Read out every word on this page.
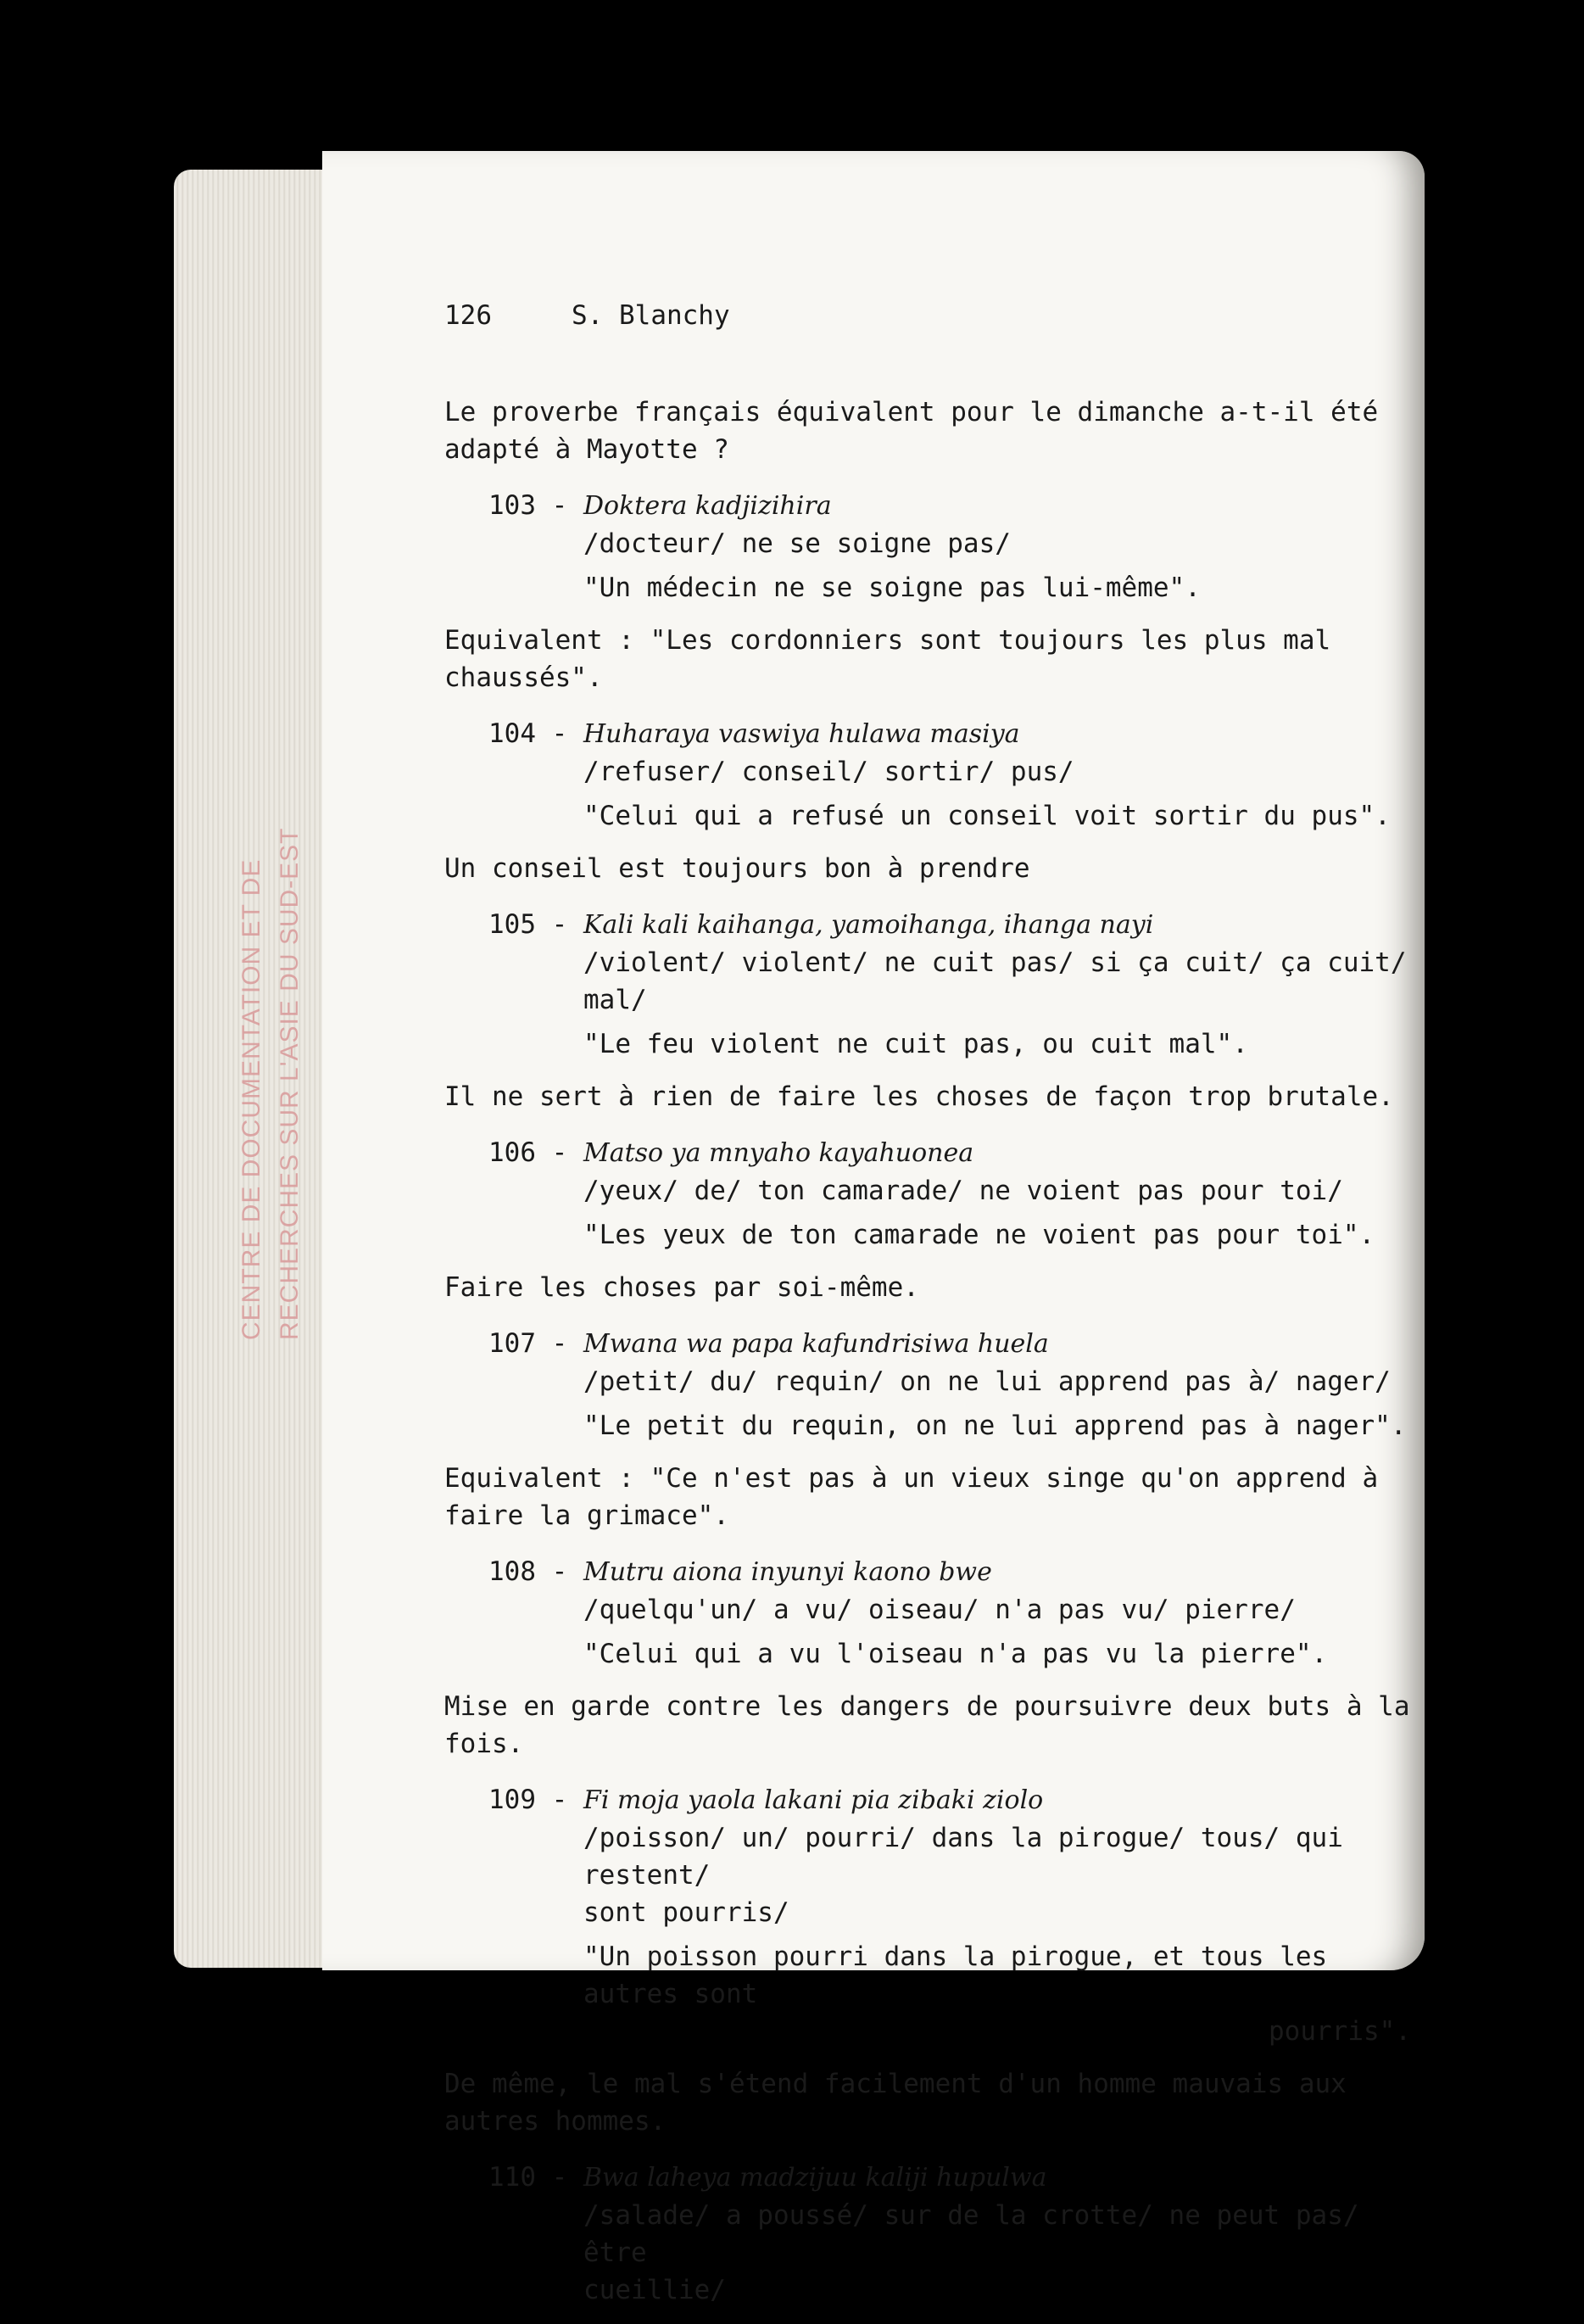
CENTRE DE DOCUMENTATION ET DE RECHERCHES SUR L'ASIE DU SUD-EST
126	S. Blanchy

Le proverbe français équivalent pour le dimanche a-t-il été adapté à Mayotte ?

103 - Doktera kadjizihira
/docteur/ ne se soigne pas/
"Un médecin ne se soigne pas lui-même".

Equivalent : "Les cordonniers sont toujours les plus mal chaussés".

104 - Huharaya vaswiya hulawa masiya
/refuser/ conseil/ sortir/ pus/
"Celui qui a refusé un conseil voit sortir du pus".

Un conseil est toujours bon à prendre

105 - Kali kali kaihanga, yamoihanga, ihanga nayi
/violent/ violent/ ne cuit pas/ si ça cuit/ ça cuit/ mal/
"Le feu violent ne cuit pas, ou cuit mal".

Il ne sert à rien de faire les choses de façon trop brutale.

106 - Matso ya mnyaho kayahuonea
/yeux/ de/ ton camarade/ ne voient pas pour toi/
"Les yeux de ton camarade ne voient pas pour toi".

Faire les choses par soi-même.

107 - Mwana wa papa kafundrisiwa huela
/petit/ du/ requin/ on ne lui apprend pas à/ nager/
"Le petit du requin, on ne lui apprend pas à nager".

Equivalent : "Ce n'est pas à un vieux singe qu'on apprend à faire la grimace".

108 - Mutru aiona inyunyi kaono bwe
/quelqu'un/ a vu/ oiseau/ n'a pas vu/ pierre/
"Celui qui a vu l'oiseau n'a pas vu la pierre".

Mise en garde contre les dangers de poursuivre deux buts à la fois.

109 - Fi moja yaola lakani pia zibaki ziolo
/poisson/ un/ pourri/ dans la pirogue/ tous/ qui restent/
sont pourris/
"Un poisson pourri dans la pirogue, et tous les autres sont
pourris".

De même, le mal s'étend facilement d'un homme mauvais aux autres hommes.

110 - Bwa laheya madzijuu kaliji hupulwa
/salade/ a poussé/ sur de la crotte/ ne peut pas/ être
cueillie/
